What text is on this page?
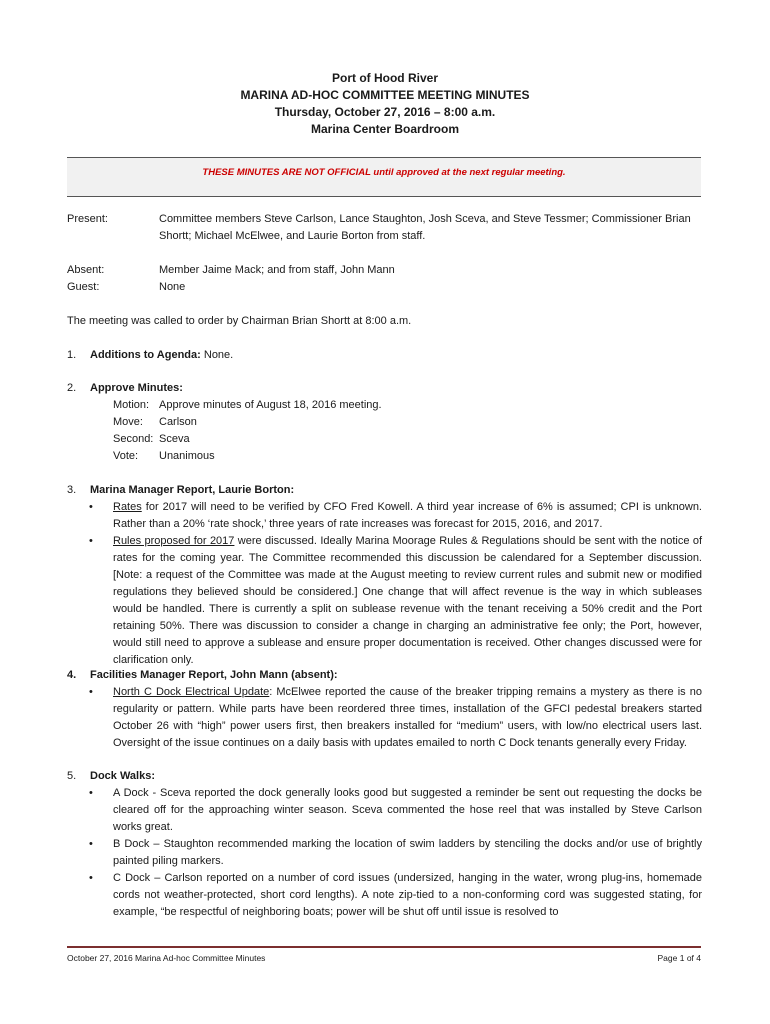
Port of Hood River
MARINA AD-HOC COMMITTEE MEETING MINUTES
Thursday, October 27, 2016 – 8:00 a.m.
Marina Center Boardroom
THESE MINUTES ARE NOT OFFICIAL until approved at the next regular meeting.
Present:	Committee members Steve Carlson, Lance Staughton, Josh Sceva, and Steve Tessmer; Commissioner Brian Shortt; Michael McElwee, and Laurie Borton from staff.
Absent:	Member Jaime Mack; and from staff, John Mann
Guest:	None
The meeting was called to order by Chairman Brian Shortt at 8:00 a.m.
1. Additions to Agenda: None.
2. Approve Minutes:
Motion: Approve minutes of August 18, 2016 meeting.
Move: Carlson
Second: Sceva
Vote: Unanimous
3. Marina Manager Report, Laurie Borton:
• Rates for 2017 will need to be verified by CFO Fred Kowell. A third year increase of 6% is assumed; CPI is unknown. Rather than a 20% ‘rate shock,’ three years of rate increases was forecast for 2015, 2016, and 2017.
• Rules proposed for 2017 were discussed. Ideally Marina Moorage Rules & Regulations should be sent with the notice of rates for the coming year. The Committee recommended this discussion be calendared for a September discussion. [Note: a request of the Committee was made at the August meeting to review current rules and submit new or modified regulations they believed should be considered.] One change that will affect revenue is the way in which subleases would be handled. There is currently a split on sublease revenue with the tenant receiving a 50% credit and the Port retaining 50%. There was discussion to consider a change in charging an administrative fee only; the Port, however, would still need to approve a sublease and ensure proper documentation is received. Other changes discussed were for clarification only.
4. Facilities Manager Report, John Mann (absent):
• North C Dock Electrical Update: McElwee reported the cause of the breaker tripping remains a mystery as there is no regularity or pattern. While parts have been reordered three times, installation of the GFCI pedestal breakers started October 26 with “high” power users first, then breakers installed for “medium” users, with low/no electrical users last. Oversight of the issue continues on a daily basis with updates emailed to north C Dock tenants generally every Friday.
5. Dock Walks:
• A Dock - Sceva reported the dock generally looks good but suggested a reminder be sent out requesting the docks be cleared off for the approaching winter season. Sceva commented the hose reel that was installed by Steve Carlson works great.
• B Dock – Staughton recommended marking the location of swim ladders by stenciling the docks and/or use of brightly painted piling markers.
• C Dock – Carlson reported on a number of cord issues (undersized, hanging in the water, wrong plug-ins, homemade cords not weather-protected, short cord lengths). A note zip-tied to a non-conforming cord was suggested stating, for example, “be respectful of neighboring boats; power will be shut off until issue is resolved to
October 27, 2016 Marina Ad-hoc Committee Minutes	Page 1 of 4
